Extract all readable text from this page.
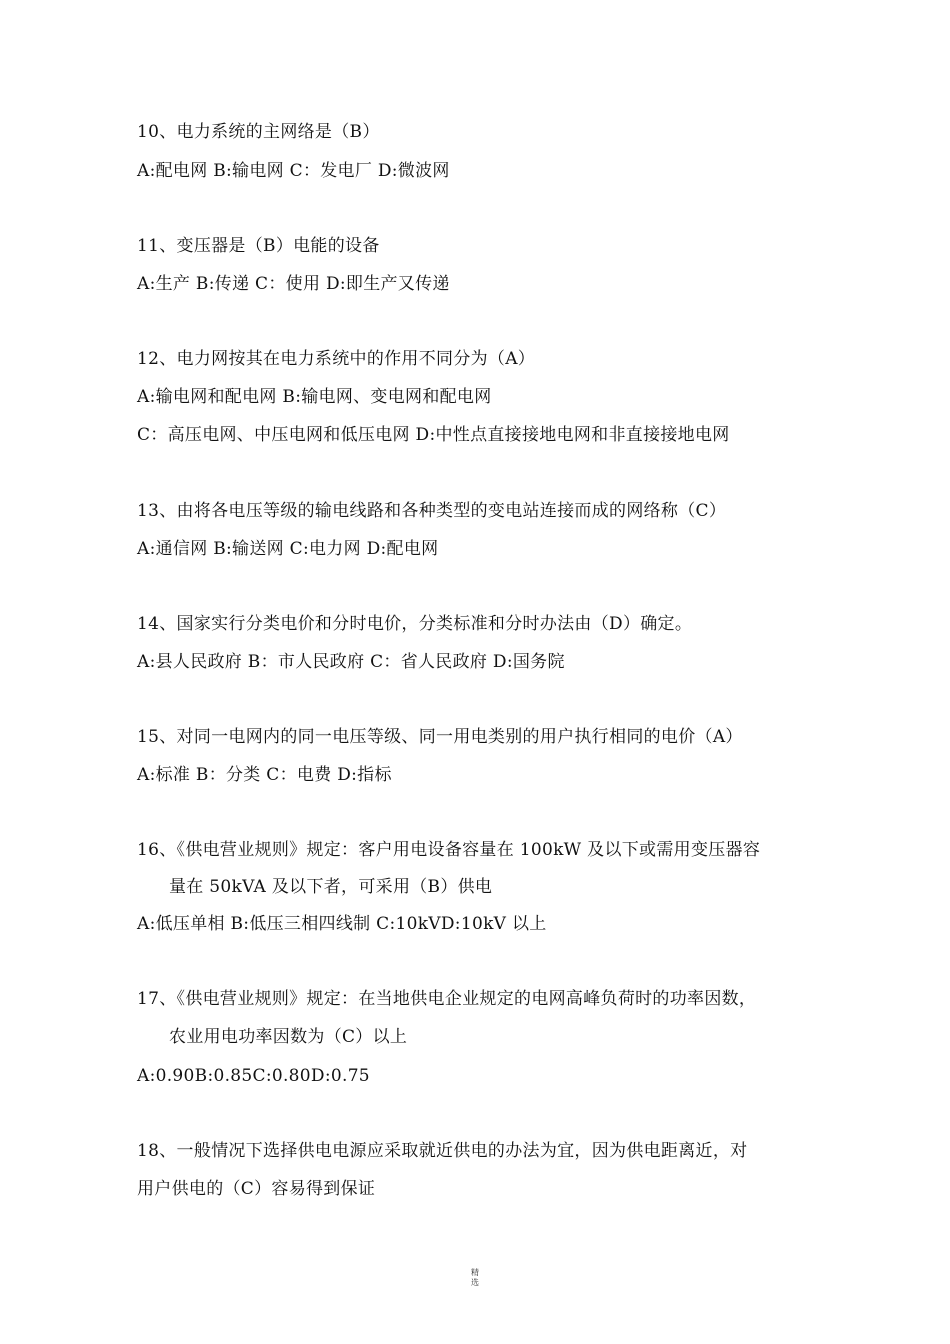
10、电力系统的主网络是（B）
A:配电网 B:输电网 C：发电厂 D:微波网
11、变压器是（B）电能的设备
A:生产 B:传递 C：使用 D:即生产又传递
12、电力网按其在电力系统中的作用不同分为（A）
A:输电网和配电网 B:输电网、变电网和配电网
C：高压电网、中压电网和低压电网 D:中性点直接接地电网和非直接接地电网
13、由将各电压等级的输电线路和各种类型的变电站连接而成的网络称（C）
A:通信网 B:输送网 C:电力网 D:配电网
14、国家实行分类电价和分时电价，分类标准和分时办法由（D）确定。
A:县人民政府 B：市人民政府 C：省人民政府 D:国务院
15、对同一电网内的同一电压等级、同一用电类别的用户执行相同的电价（A）
A:标准 B：分类 C：电费 D:指标
16、《供电营业规则》规定：客户用电设备容量在 100kW 及以下或需用变压器容
量在 50kVA 及以下者，可采用（B）供电
A:低压单相 B:低压三相四线制 C:10kVD:10kV 以上
17、《供电营业规则》规定：在当地供电企业规定的电网高峰负荷时的功率因数，
农业用电功率因数为（C）以上
A:0.90B:0.85C:0.80D:0.75
18、一般情况下选择供电电源应采取就近供电的办法为宜，因为供电距离近，对
用户供电的（C）容易得到保证
精
选
